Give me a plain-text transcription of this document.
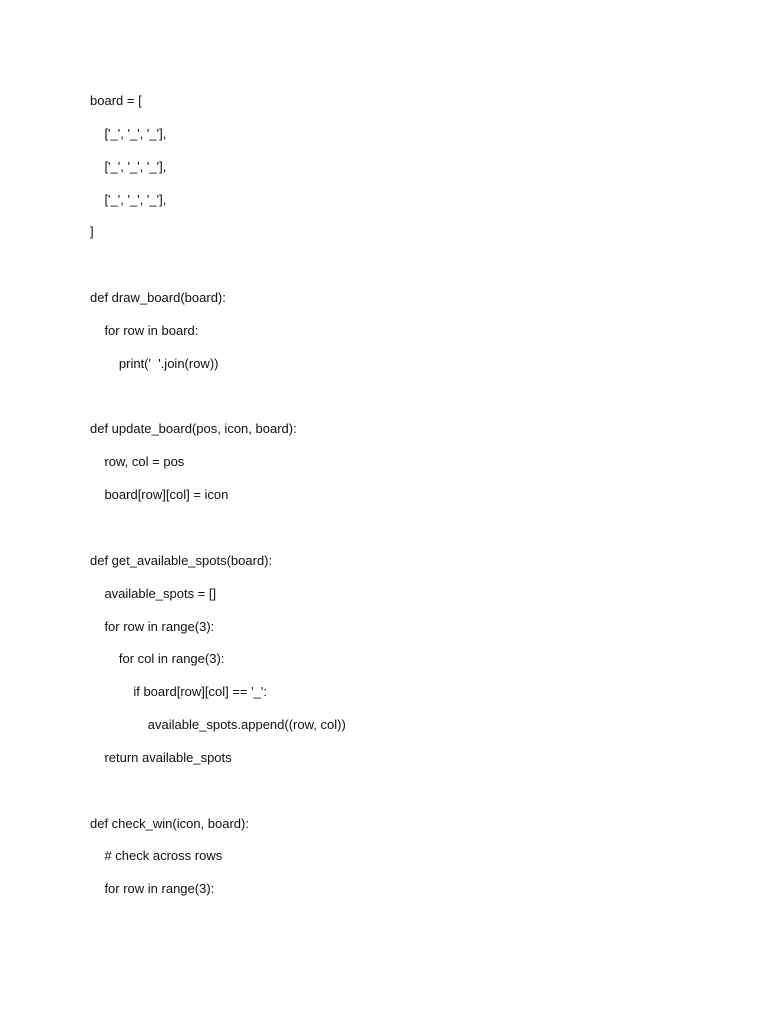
board = [
['_', '_', '_'],
['_', '_', '_'],
['_', '_', '_'],
]
def draw_board(board):
for row in board:
print('  '.join(row))
def update_board(pos, icon, board):
row, col = pos
board[row][col] = icon
def get_available_spots(board):
available_spots = []
for row in range(3):
for col in range(3):
if board[row][col] == '_':
available_spots.append((row, col))
return available_spots
def check_win(icon, board):
# check across rows
for row in range(3):
